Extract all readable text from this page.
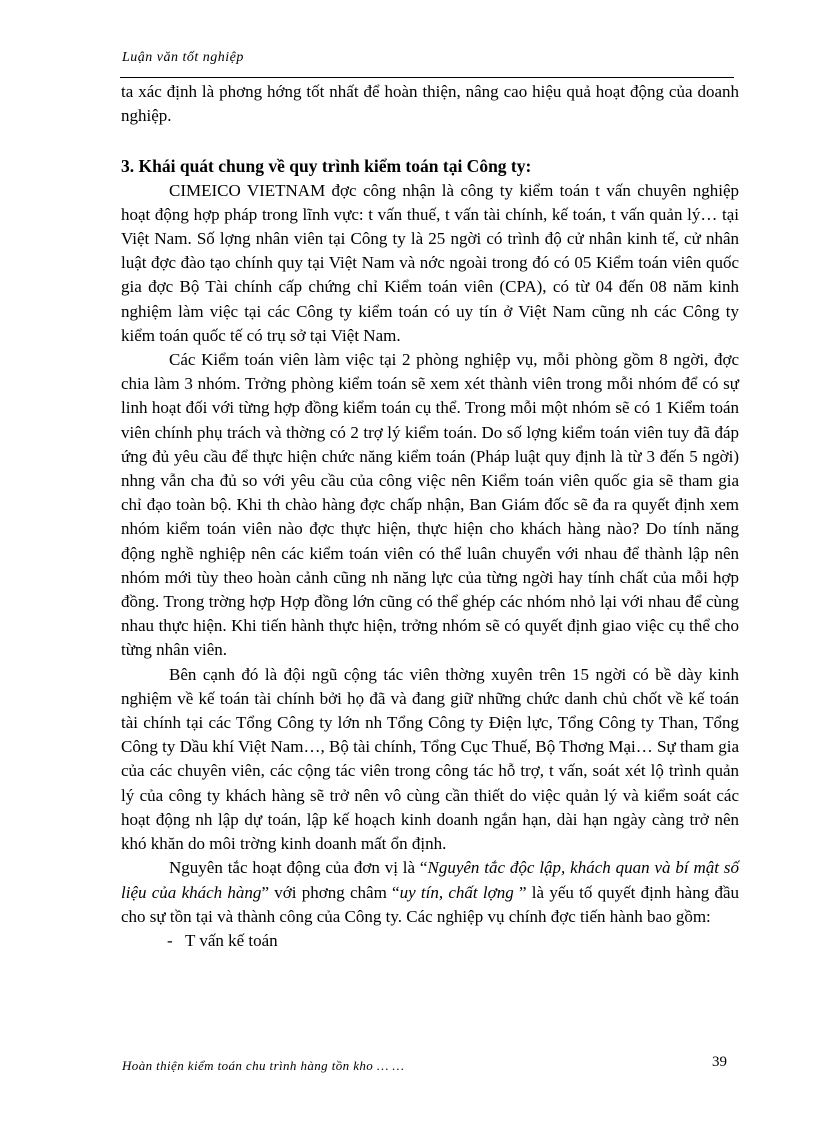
Luận văn tốt nghiệp

ta xác định là phơng hớng tốt nhất để hoàn thiện, nâng cao hiệu quả hoạt động của doanh nghiệp.

3. Khái quát chung về quy trình kiểm toán tại Công ty:

CIMEICO VIETNAM đợc công nhận là công ty kiểm toán t vấn chuyên nghiệp hoạt động hợp pháp trong lĩnh vực: t vấn thuế, t vấn tài chính, kế toán, t vấn quản lý… tại Việt Nam. Số lợng nhân viên tại Công ty là 25 ngời có trình độ cử nhân kinh tế, cử nhân luật đợc đào tạo chính quy tại Việt Nam và nớc ngoài trong đó có 05 Kiểm toán viên quốc gia đợc Bộ Tài chính cấp chứng chỉ Kiểm toán viên (CPA), có từ 04 đến 08 năm kinh nghiệm làm việc tại các Công ty kiểm toán có uy tín ở Việt Nam cũng nh các Công ty kiểm toán quốc tế có trụ sở tại Việt Nam.

Các Kiểm toán viên làm việc tại 2 phòng nghiệp vụ, mỗi phòng gồm 8 ngời, đợc chia làm 3 nhóm. Trởng phòng kiểm toán sẽ xem xét thành viên trong mỗi nhóm để có sự linh hoạt đối với từng hợp đồng kiểm toán cụ thể. Trong mỗi một nhóm sẽ có 1 Kiểm toán viên chính phụ trách và thờng có 2 trợ lý kiểm toán. Do số lợng kiểm toán viên tuy đã đáp ứng đủ yêu cầu để thực hiện chức năng kiểm toán (Pháp luật quy định là từ 3 đến 5 ngời) nhng vẫn cha đủ so với yêu cầu của công việc nên Kiểm toán viên quốc gia sẽ tham gia chỉ đạo toàn bộ. Khi th chào hàng đợc chấp nhận, Ban Giám đốc sẽ đa ra quyết định xem nhóm kiểm toán viên nào đợc thực hiện, thực hiện cho khách hàng nào? Do tính năng động nghề nghiệp nên các kiểm toán viên có thể luân chuyển với nhau để thành lập nên nhóm mới tùy theo hoàn cảnh cũng nh năng lực của từng ngời hay tính chất của mỗi hợp đồng. Trong trờng hợp Hợp đồng lớn cũng có thể ghép các nhóm nhỏ lại với nhau để cùng nhau thực hiện. Khi tiến hành thực hiện, trởng nhóm sẽ có quyết định giao việc cụ thể cho từng nhân viên.

Bên cạnh đó là đội ngũ cộng tác viên thờng xuyên trên 15 ngời có bề dày kinh nghiệm về kế toán tài chính bởi họ đã và đang giữ những chức danh chủ chốt về kế toán tài chính tại các Tổng Công ty lớn nh Tổng Công ty Điện lực, Tổng Công ty Than, Tổng Công ty Dầu khí Việt Nam…, Bộ tài chính, Tổng Cục Thuế, Bộ Thơng Mại… Sự tham gia của các chuyên viên, các cộng tác viên trong công tác hỗ trợ, t vấn, soát xét lộ trình quản lý của công ty khách hàng sẽ trở nên vô cùng cần thiết do việc quản lý và kiểm soát các hoạt động nh lập dự toán, lập kế hoạch kinh doanh ngắn hạn, dài hạn ngày càng trở nên khó khăn do môi trờng kinh doanh mất ổn định.

Nguyên tắc hoạt động của đơn vị là “Nguyên tắc độc lập, khách quan và bí mật số liệu của khách hàng” với phơng châm “uy tín, chất lợng ” là yếu tố quyết định hàng đầu cho sự tồn tại và thành công của Công ty. Các nghiệp vụ chính đợc tiến hành bao gồm:

‐ T vấn kế toán

Hoàn thiện kiểm toán chu trình hàng tồn kho … …	39
